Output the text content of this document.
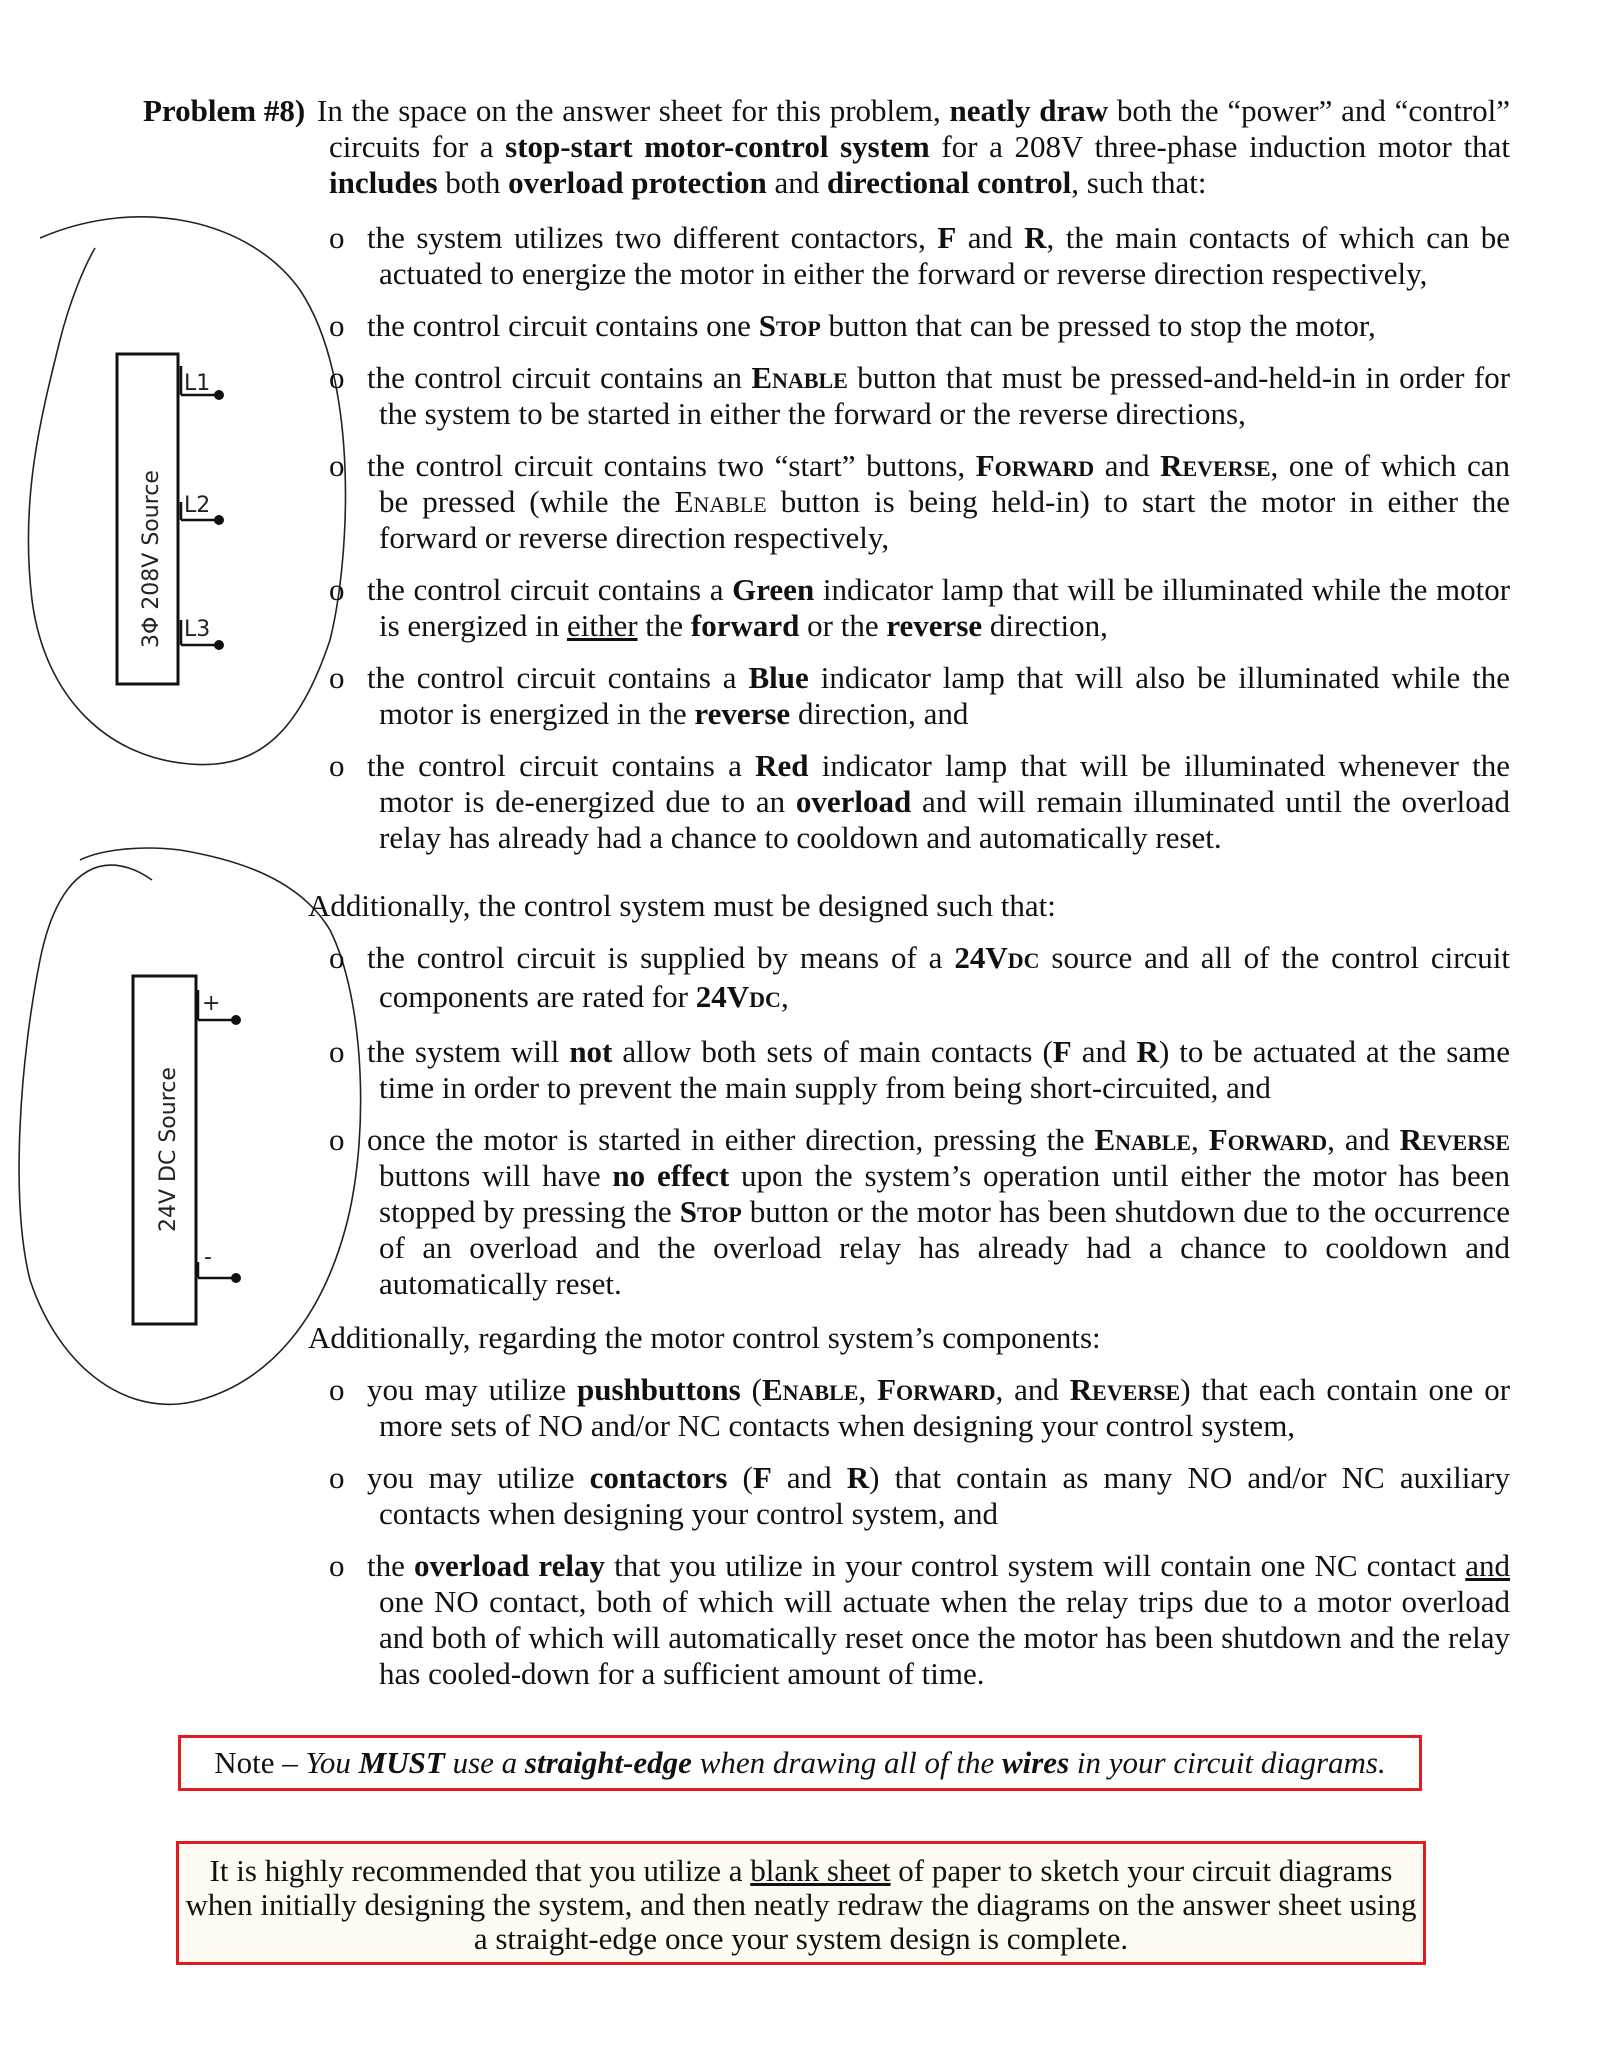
L1
L2
L3
3Φ 208V Source
+
-
24V DC Source
Problem #8) In the space on the answer sheet for this problem, neatly draw both the “power” and “control” circuits for a stop-start motor-control system for a 208V three-phase induction motor that includes both overload protection and directional control, such that:
o the system utilizes two different contactors, F and R, the main contacts of which can be actuated to energize the motor in either the forward or reverse direction respectively,
o the control circuit contains one Stop button that can be pressed to stop the motor,
o the control circuit contains an Enable button that must be pressed-and-held-in in order for the system to be started in either the forward or the reverse directions,
o the control circuit contains two “start” buttons, Forward and Reverse, one of which can be pressed (while the Enable button is being held-in) to start the motor in either the forward or reverse direction respectively,
o the control circuit contains a Green indicator lamp that will be illuminated while the motor is energized in either the forward or the reverse direction,
o the control circuit contains a Blue indicator lamp that will also be illuminated while the motor is energized in the reverse direction, and
o the control circuit contains a Red indicator lamp that will be illuminated whenever the motor is de-energized due to an overload and will remain illuminated until the overload relay has already had a chance to cooldown and automatically reset.
Additionally, the control system must be designed such that:
o the control circuit is supplied by means of a 24VDC source and all of the control circuit components are rated for 24VDC,
o the system will not allow both sets of main contacts (F and R) to be actuated at the same time in order to prevent the main supply from being short-circuited, and
o once the motor is started in either direction, pressing the Enable, Forward, and Reverse buttons will have no effect upon the system’s operation until either the motor has been stopped by pressing the Stop button or the motor has been shutdown due to the occurrence of an overload and the overload relay has already had a chance to cooldown and automatically reset.
Additionally, regarding the motor control system’s components:
o you may utilize pushbuttons (Enable, Forward, and Reverse) that each contain one or more sets of NO and/or NC contacts when designing your control system,
o you may utilize contactors (F and R) that contain as many NO and/or NC auxiliary contacts when designing your control system, and
o the overload relay that you utilize in your control system will contain one NC contact and one NO contact, both of which will actuate when the relay trips due to a motor overload and both of which will automatically reset once the motor has been shutdown and the relay has cooled-down for a sufficient amount of time.
Note – You MUST use a straight-edge when drawing all of the wires in your circuit diagrams.
It is highly recommended that you utilize a blank sheet of paper to sketch your circuit diagrams when initially designing the system, and then neatly redraw the diagrams on the answer sheet using a straight-edge once your system design is complete.
